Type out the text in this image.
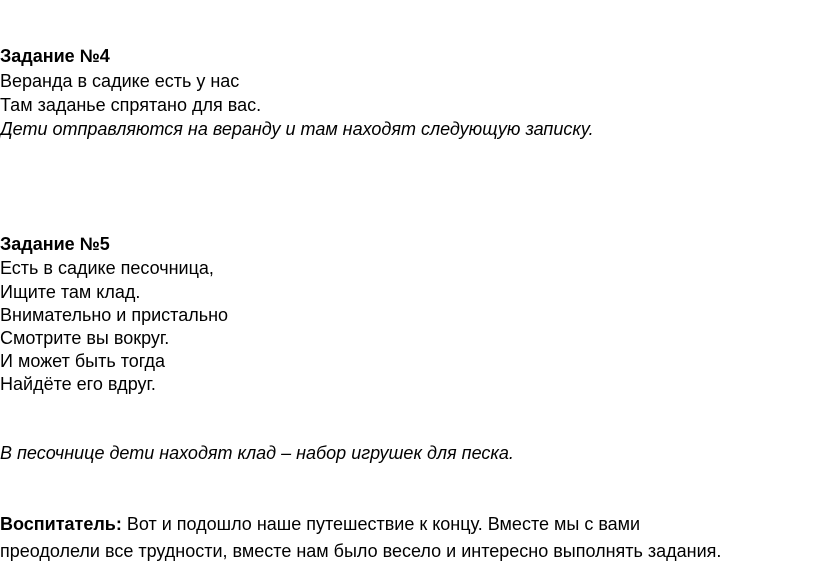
Задание №4
Веранда в садике есть у нас
Там заданье спрятано для вас.
Дети отправляются на веранду и там находят следующую записку.
Задание №5
Есть в садике песочница,
Ищите там клад.
Внимательно и пристально
Смотрите вы вокруг.
И может быть тогда
Найдёте его вдруг.
В песочнице дети находят клад – набор игрушек для песка.
Воспитатель: Вот и подошло наше путешествие к концу. Вместе мы с вами
преодолели все трудности, вместе нам было весело и интересно выполнять задания.
